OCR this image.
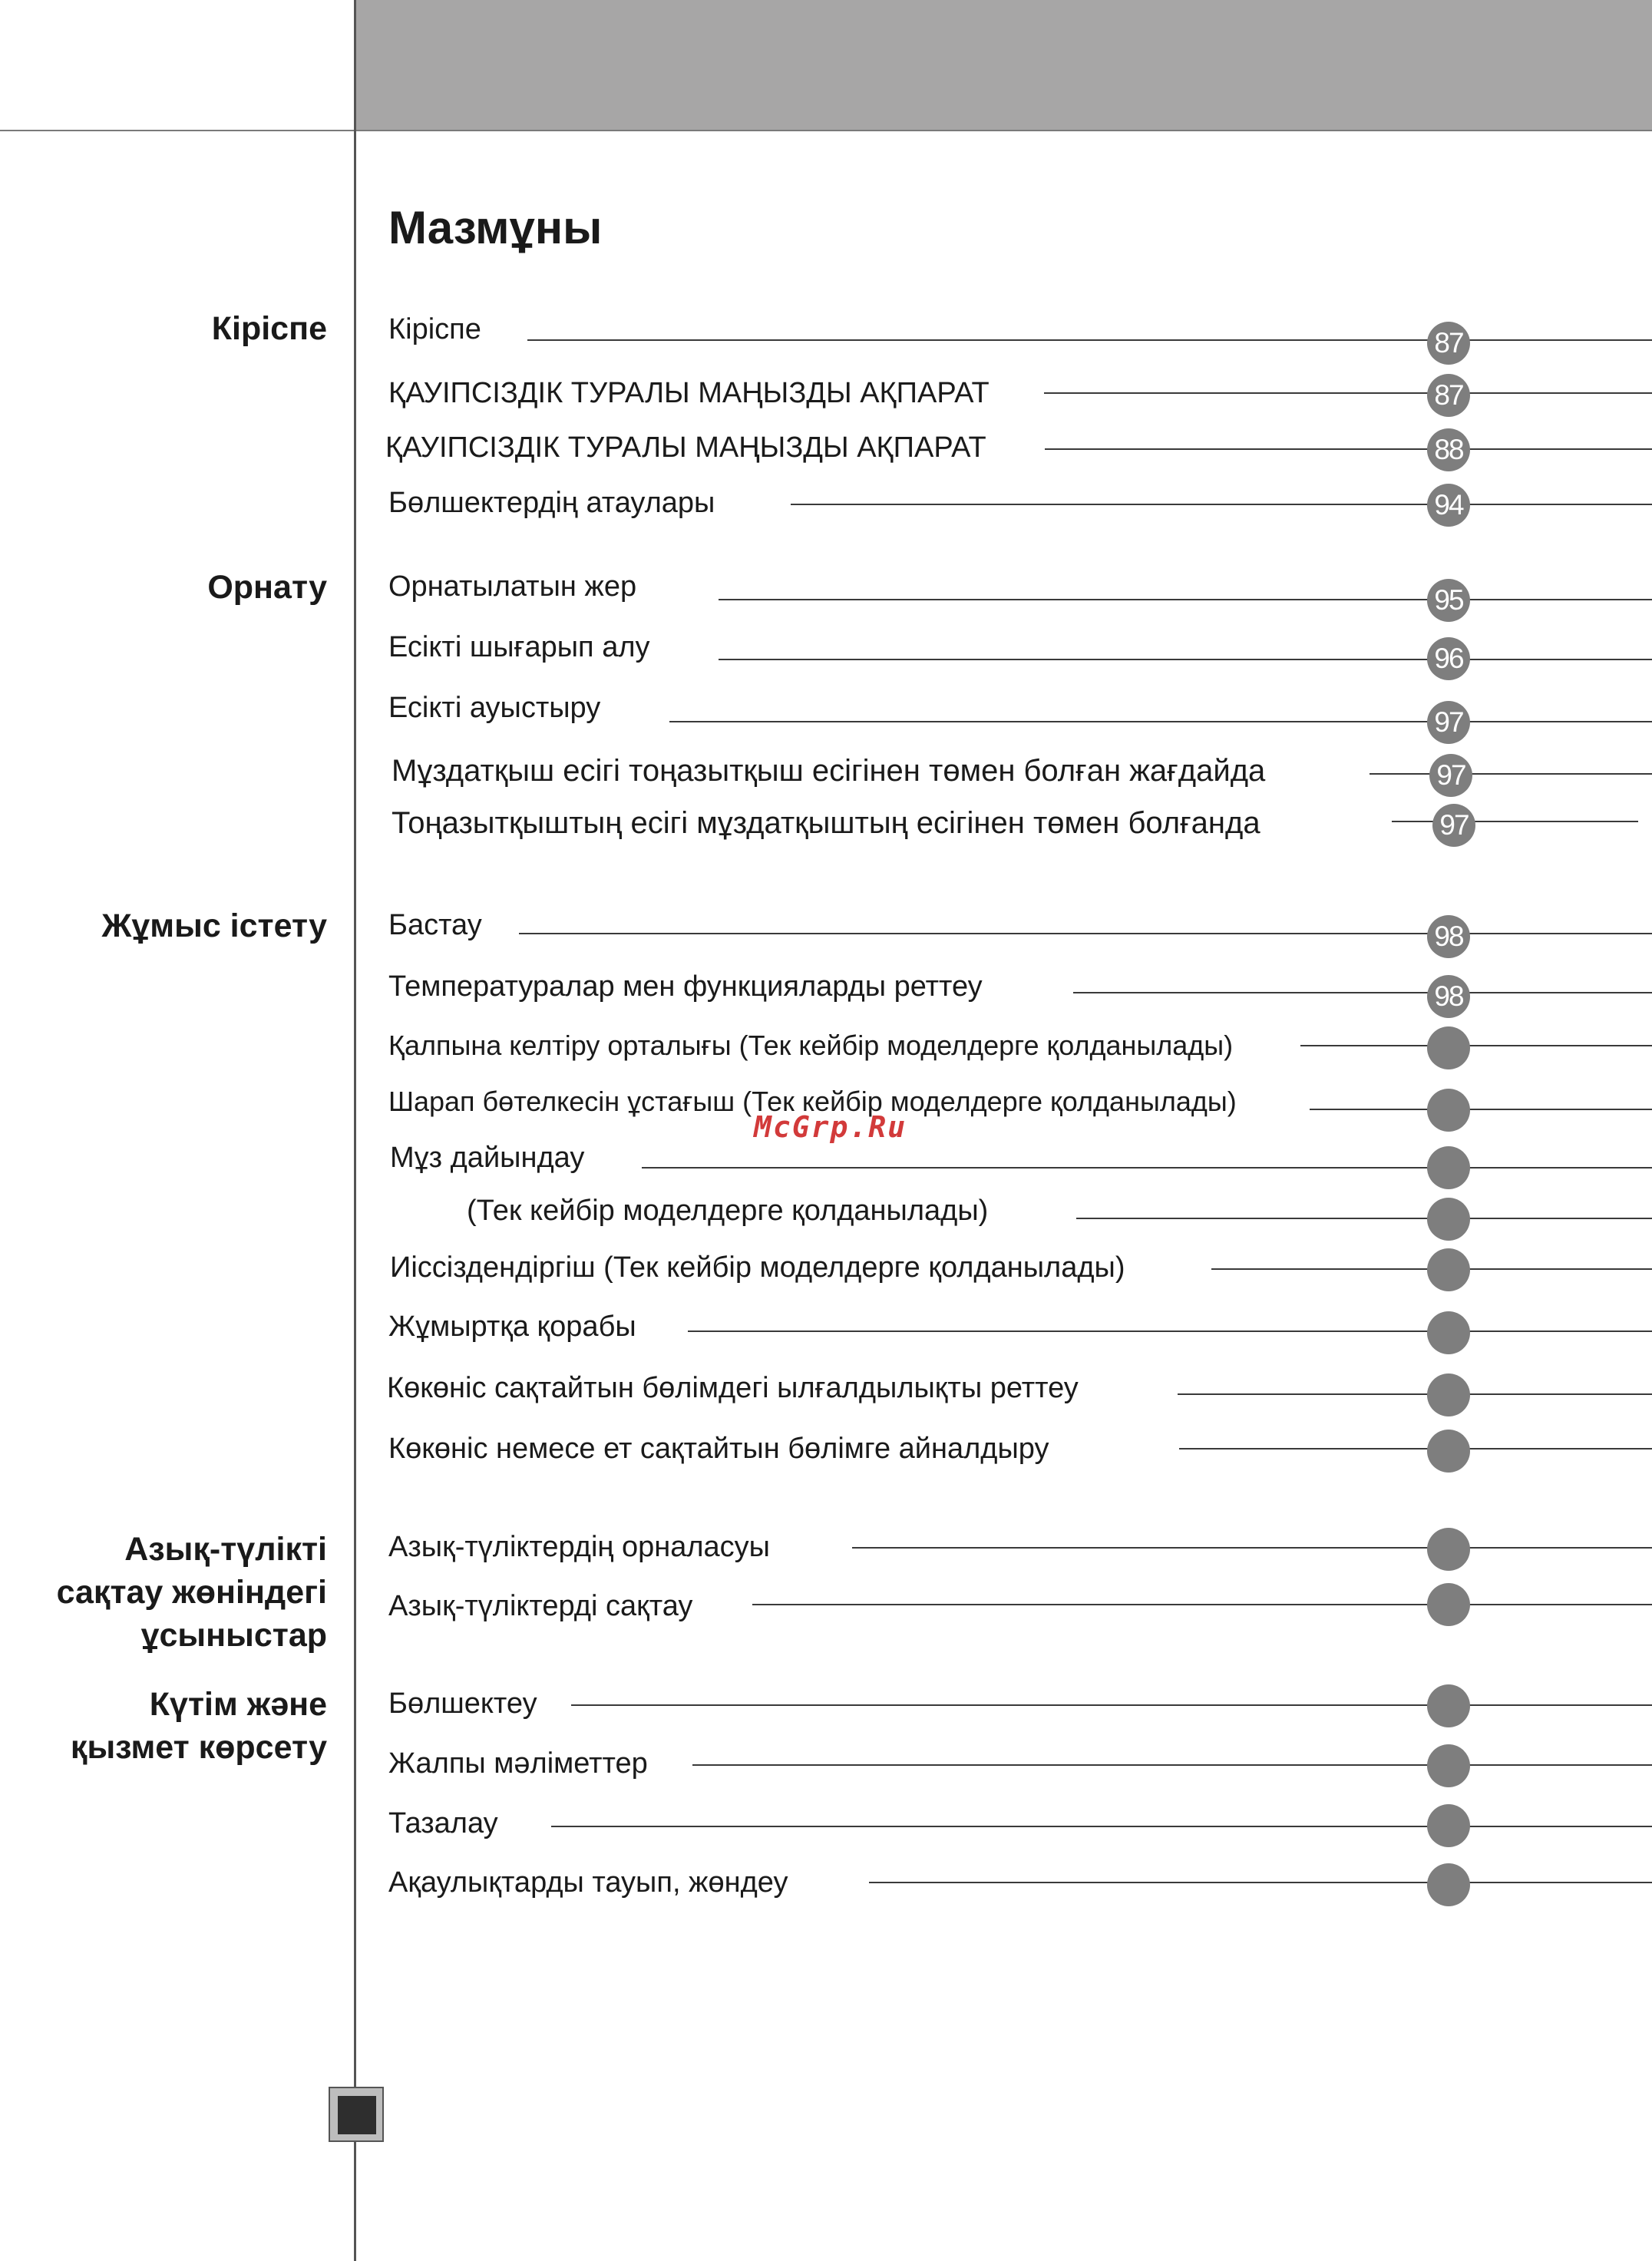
Мазмұны
Кіріспе
Орнату
Жұмыс істету
Азық-түлікті
сақтау жөніндегі
ұсыныстар
Күтім және
қызмет көрсету
Кіріспе	87
ҚАУІПСІЗДІК ТУРАЛЫ МАҢЫЗДЫ АҚПАРАТ	87
ҚАУІПСІЗДІК ТУРАЛЫ МАҢЫЗДЫ АҚПАРАТ	88
Бөлшектердің атаулары	94
Орнатылатын жер	95
Есікті шығарып алу	96
Есікті ауыстыру	97
Мұздатқыш есігі тоңазытқыш есігінен төмен болған жағдайда	97
Тоңазытқыштың есігі мұздатқыштың есігінен төмен болғанда	97
Бастау	98
Температуралар мен функцияларды реттеу	98
Қалпына келтіру орталығы (Тек кейбір моделдерге қолданылады)
Шарап бөтелкесін ұстағыш (Тек кейбір моделдерге қолданылады)
Мұз дайындау
(Тек кейбір моделдерге қолданылады)
Иіссіздендіргіш (Тек кейбір моделдерге қолданылады)
Жұмыртқа қорабы
Көкөніс сақтайтын бөлімдегі ылғалдылықты реттеу
Көкөніс немесе ет сақтайтын бөлімге айналдыру
Азық-түліктердің орналасуы
Азық-түліктерді сақтау
Бөлшектеу
Жалпы мәліметтер
Тазалау
Ақаулықтарды тауып, жөндеу
McGrp.Ru
